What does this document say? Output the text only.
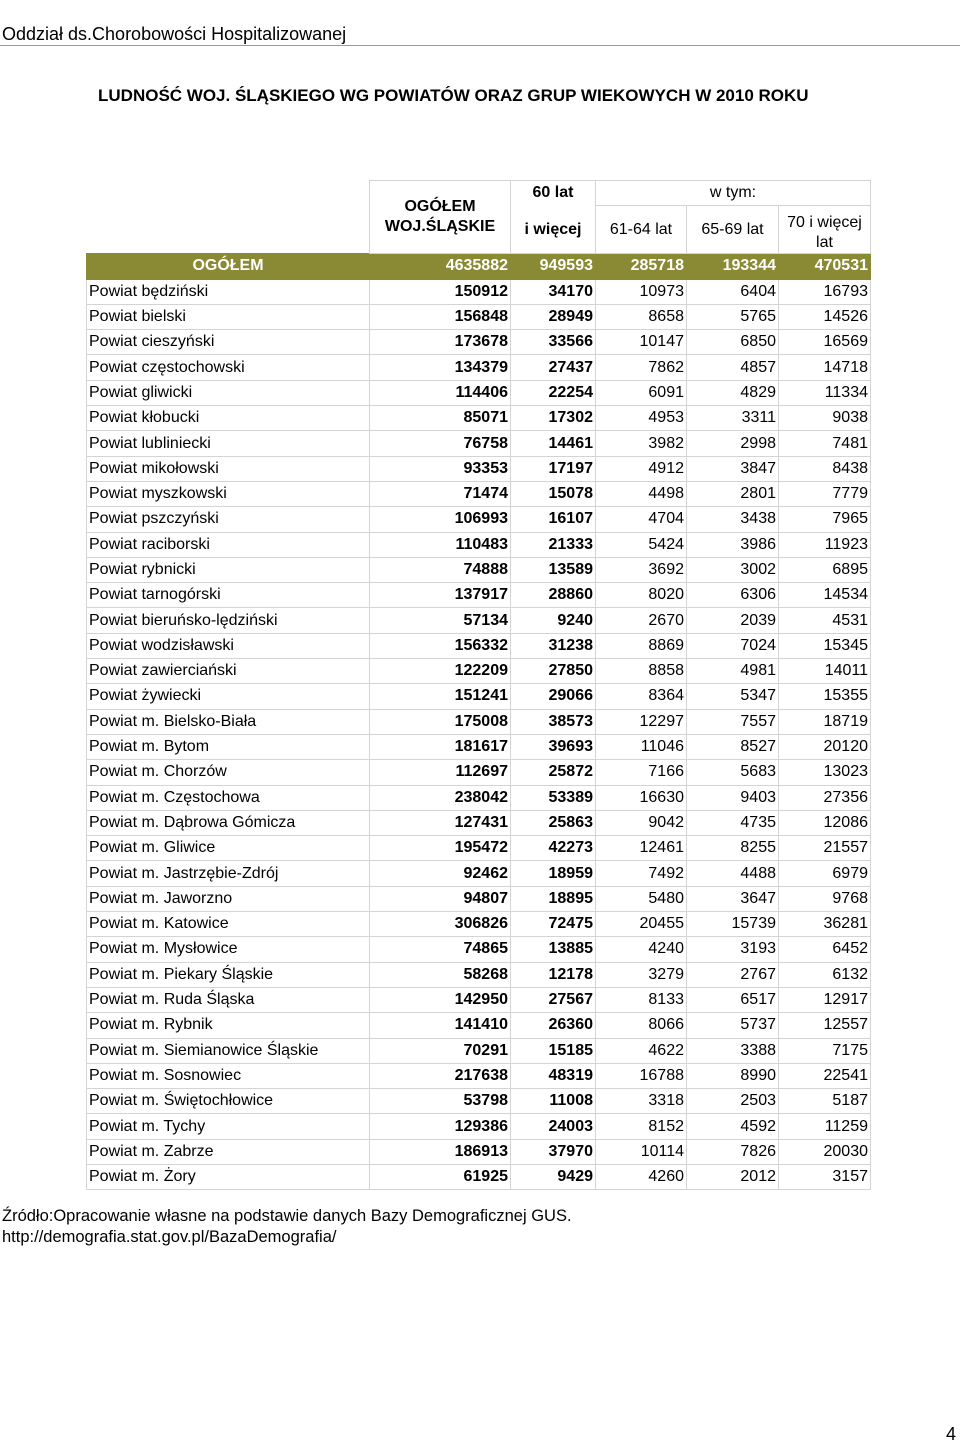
Oddział ds.Chorobowości Hospitalizowanej
LUDNOŚĆ WOJ. ŚLĄSKIEGO WG POWIATÓW ORAZ GRUP WIEKOWYCH W 2010 ROKU
	OGÓŁEM WOJ.ŚLĄSKIE	60 lat	w tym:		
		i więcej	61-64 lat	65-69 lat	70 i więcej lat
OGÓŁEM	4635882	949593	285718	193344	470531
Powiat będziński	150912	34170	10973	6404	16793
Powiat bielski	156848	28949	8658	5765	14526
Powiat cieszyński	173678	33566	10147	6850	16569
Powiat częstochowski	134379	27437	7862	4857	14718
Powiat gliwicki	114406	22254	6091	4829	11334
Powiat kłobucki	85071	17302	4953	3311	9038
Powiat lubliniecki	76758	14461	3982	2998	7481
Powiat mikołowski	93353	17197	4912	3847	8438
Powiat myszkowski	71474	15078	4498	2801	7779
Powiat pszczyński	106993	16107	4704	3438	7965
Powiat raciborski	110483	21333	5424	3986	11923
Powiat rybnicki	74888	13589	3692	3002	6895
Powiat tarnogórski	137917	28860	8020	6306	14534
Powiat bieruńsko-lędziński	57134	9240	2670	2039	4531
Powiat wodzisławski	156332	31238	8869	7024	15345
Powiat zawierciański	122209	27850	8858	4981	14011
Powiat żywiecki	151241	29066	8364	5347	15355
Powiat m. Bielsko-Biała	175008	38573	12297	7557	18719
Powiat m. Bytom	181617	39693	11046	8527	20120
Powiat m. Chorzów	112697	25872	7166	5683	13023
Powiat m. Częstochowa	238042	53389	16630	9403	27356
Powiat m. Dąbrowa Gómicza	127431	25863	9042	4735	12086
Powiat m. Gliwice	195472	42273	12461	8255	21557
Powiat m. Jastrzębie-Zdrój	92462	18959	7492	4488	6979
Powiat m. Jaworzno	94807	18895	5480	3647	9768
Powiat m. Katowice	306826	72475	20455	15739	36281
Powiat m. Mysłowice	74865	13885	4240	3193	6452
Powiat m. Piekary Śląskie	58268	12178	3279	2767	6132
Powiat m. Ruda Śląska	142950	27567	8133	6517	12917
Powiat m. Rybnik	141410	26360	8066	5737	12557
Powiat m. Siemianowice Śląskie	70291	15185	4622	3388	7175
Powiat m. Sosnowiec	217638	48319	16788	8990	22541
Powiat m. Świętochłowice	53798	11008	3318	2503	5187
Powiat m. Tychy	129386	24003	8152	4592	11259
Powiat m. Zabrze	186913	37970	10114	7826	20030
Powiat m. Żory	61925	9429	4260	2012	3157
Źródło:Opracowanie własne na podstawie danych Bazy Demograficznej GUS.
http://demografia.stat.gov.pl/BazaDemografia/
4
